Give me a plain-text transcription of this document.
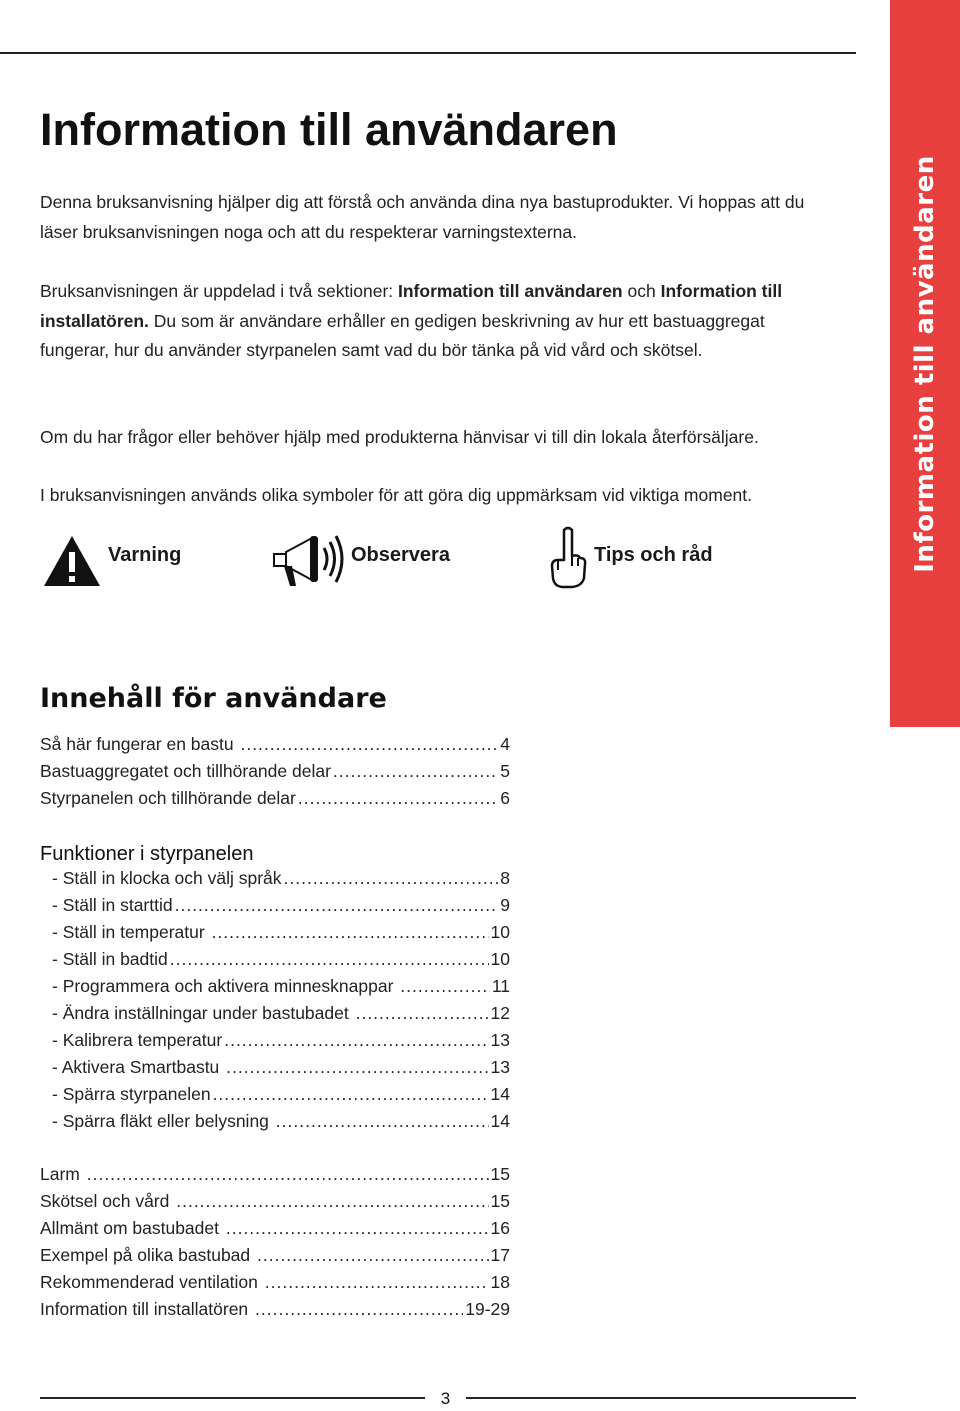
Information till användaren
Information till användaren

Denna bruksanvisning hjälper dig att förstå och använda dina nya bastuprodukter. Vi hoppas att du läser bruksanvisningen noga och att du respekterar varningstexterna.

Bruksanvisningen är uppdelad i två sektioner: Information till användaren och Information till installatören. Du som är användare erhåller en gedigen beskrivning av hur ett bastuaggregat fungerar, hur du använder styrpanelen samt vad du bör tänka på vid vård och skötsel.

Om du har frågor eller behöver hjälp med produkterna hänvisar vi till din lokala återförsäljare.

I bruksanvisningen används olika symboler för att göra dig uppmärksam vid viktiga moment.

Varning	Observera	Tips och råd
Innehåll för användare
Så här fungerar en bastu .....	4
Bastuaggregatet och tillhörande delar .....	5
Styrpanelen och tillhörande delar .....	6
Funktioner i styrpanelen
- Ställ in klocka och välj språk .....	8
- Ställ in starttid .....	9
- Ställ in temperatur .....	10
- Ställ in badtid .....	10
- Programmera och aktivera minnesknappar .....	11
- Ändra inställningar under bastubadet .....	12
- Kalibrera temperatur .....	13
- Aktivera Smartbastu .....	13
- Spärra styrpanelen .....	14
- Spärra fläkt eller belysning .....	14
Larm .....	15
Skötsel och vård .....	15
Allmänt om bastubadet .....	16
Exempel på olika bastubad .....	17
Rekommenderad ventilation .....	18
Information till installatören .....	19-29
3
